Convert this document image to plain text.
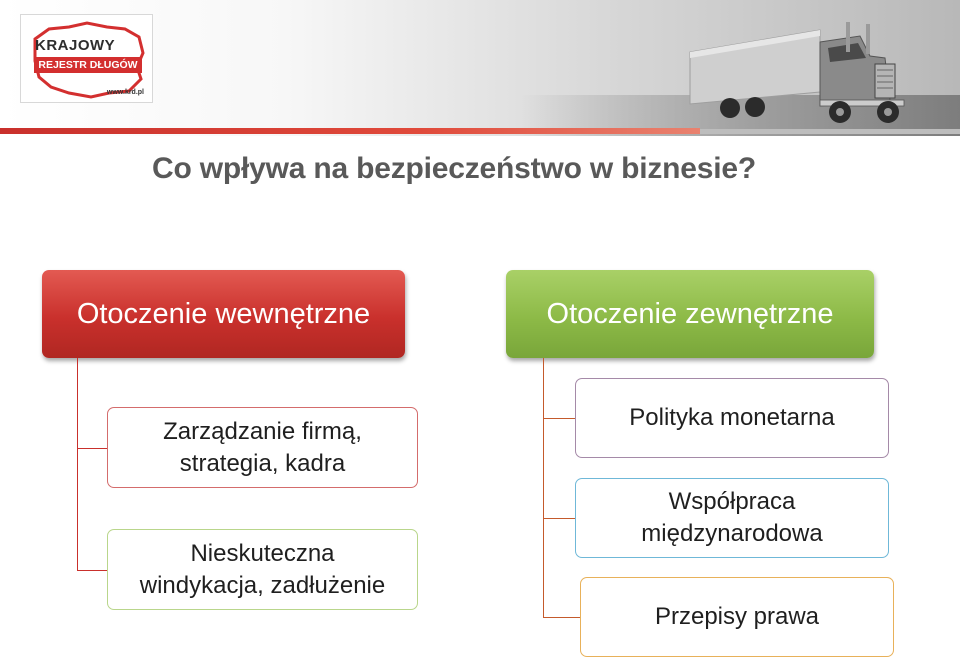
KRAJOWY
REJESTR DŁUGÓW
www.krd.pl
Co wpływa na bezpieczeństwo w biznesie?
Otoczenie wewnętrzne
Zarządzanie firmą,
strategia, kadra
Nieskuteczna
windykacja, zadłużenie
Otoczenie zewnętrzne
Polityka monetarna
Współpraca
międzynarodowa
Przepisy prawa
